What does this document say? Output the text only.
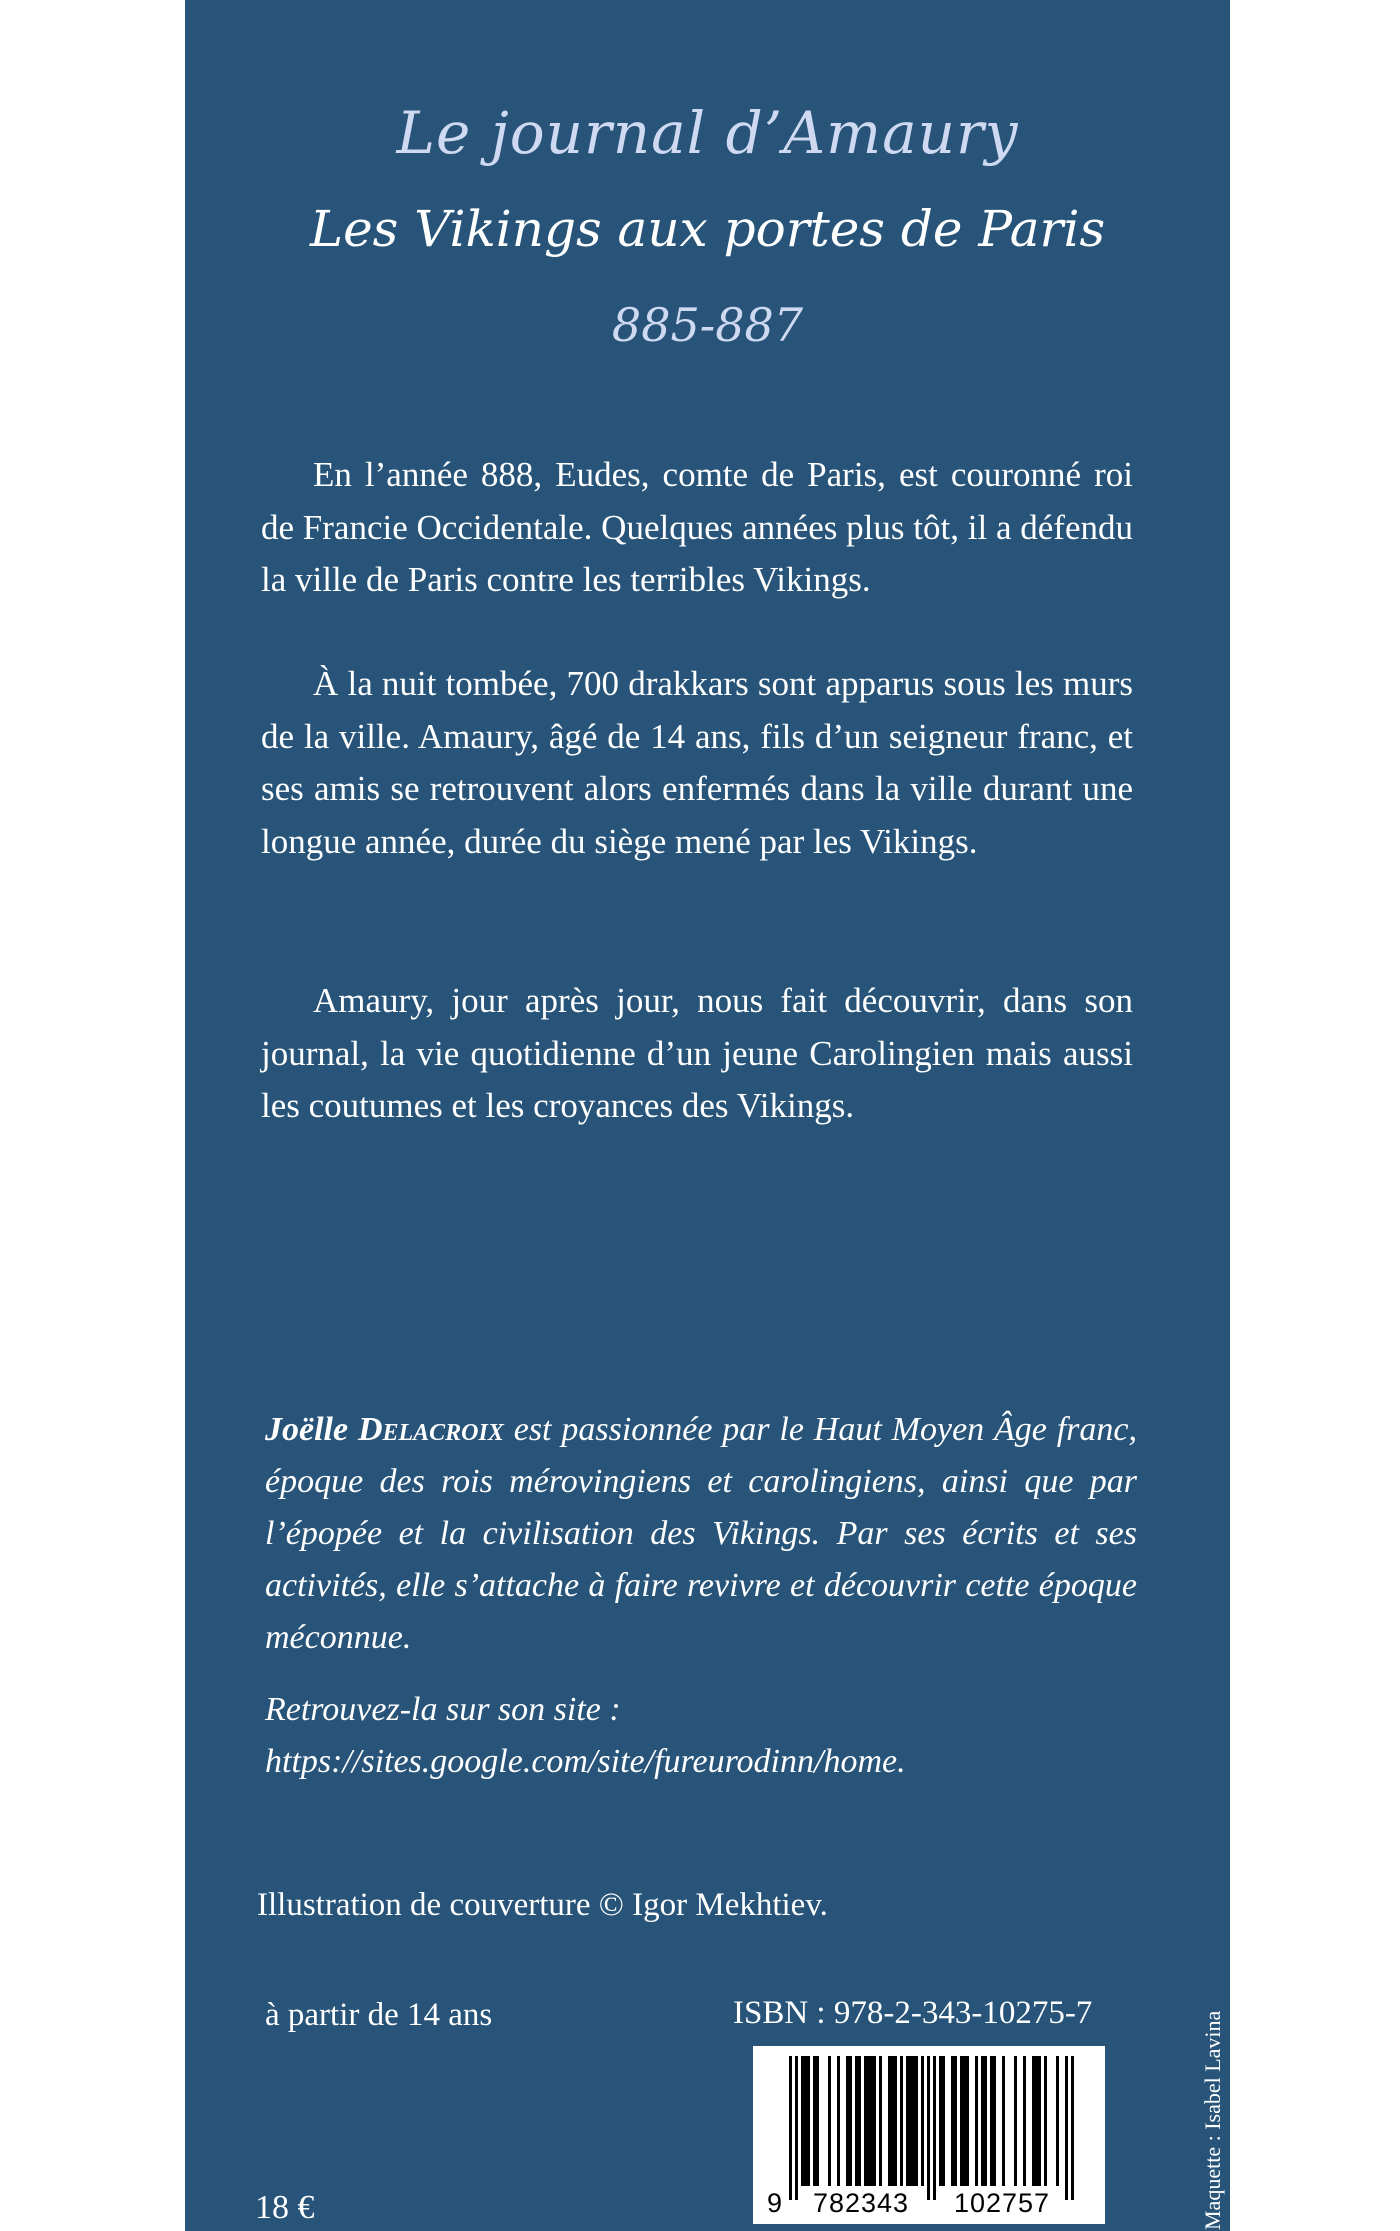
Le journal d’Amaury
Les Vikings aux portes de Paris
885-887

En l’année 888, Eudes, comte de Paris, est couronné roi de Francie Occidentale. Quelques années plus tôt, il a défendu la ville de Paris contre les terribles Vikings.

À la nuit tombée, 700 drakkars sont apparus sous les murs de la ville. Amaury, âgé de 14 ans, fils d’un seigneur franc, et ses amis se retrouvent alors enfermés dans la ville durant une longue année, durée du siège mené par les Vikings.

Amaury, jour après jour, nous fait découvrir, dans son journal, la vie quotidienne d’un jeune Carolingien mais aussi les coutumes et les croyances des Vikings.

Joëlle Delacroix est passionnée par le Haut Moyen Âge franc, époque des rois mérovingiens et carolingiens, ainsi que par l’épopée et la civilisation des Vikings. Par ses écrits et ses activités, elle s’attache à faire revivre et découvrir cette époque méconnue.

Retrouvez-la sur son site :
https://sites.google.com/site/fureurodinn/home.

Illustration de couverture © Igor Mekhtiev.
à partir de 14 ans	ISBN : 978-2-343-10275-7
9 782343 102757
18 €	Maquette : Isabel Lavina
